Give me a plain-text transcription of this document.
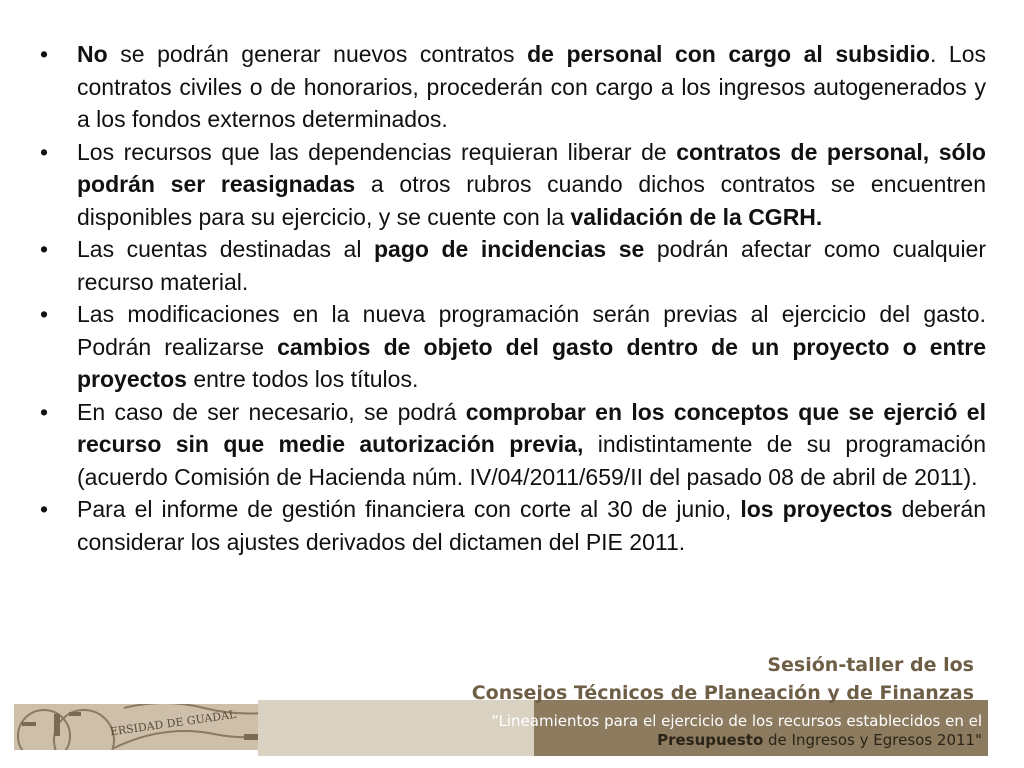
•	No se podrán generar nuevos contratos de personal con cargo al subsidio. Los contratos civiles o de honorarios, procederán con cargo a los ingresos autogenerados y a los fondos externos determinados.
•	Los recursos que las dependencias requieran liberar de contratos de personal, sólo podrán ser reasignadas a otros rubros cuando dichos contratos se encuentren disponibles para su ejercicio, y se cuente con la validación de la CGRH.
•	Las cuentas destinadas al pago de incidencias se podrán afectar como cualquier recurso material.
•	Las modificaciones en la nueva programación serán previas al ejercicio del gasto. Podrán realizarse cambios de objeto del gasto dentro de un proyecto o entre proyectos entre todos los títulos.
•	En caso de ser necesario, se podrá comprobar en los conceptos que se ejerció el recurso sin que medie autorización previa, indistintamente de su programación (acuerdo Comisión de Hacienda núm. IV/04/2011/659/II del pasado 08 de abril de 2011).
•	Para el informe de gestión financiera con corte al 30 de junio, los proyectos deberán considerar los ajustes derivados del dictamen del PIE 2011.
ERSIDAD DE GUADAL
Sesión-taller de los
Consejos Técnicos de Planeación y de Finanzas
“Lineamientos para el ejercicio de los recursos establecidos en el
Presupuesto de Ingresos y Egresos 2011"
